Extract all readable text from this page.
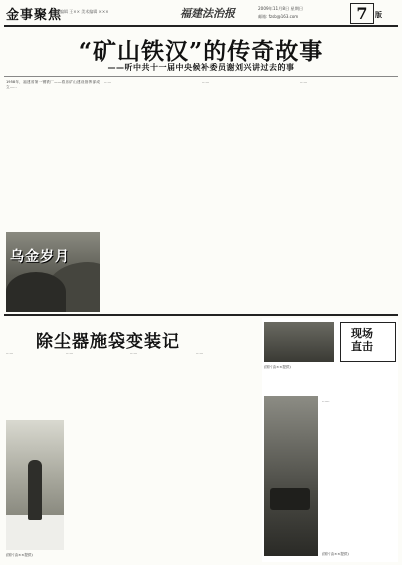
金事聚焦
责任编辑 王×× 美术编辑 ×××	福建法治报	2009年11月8日 星期日
邮箱: fzsb@163.com	7	版
“矿山铁汉”的传奇故事
——听中共十一届中央候补委员谢刘兴讲过去的事
1958年，福建省第一钢铁厂——将乐矿山建设指挥部成立……
……	……	……
乌金岁月
除尘器施袋变装记
……	……	……	……
(图片由××提供)
现场
直击
(图片由××提供)
……
(图片由××提供)
